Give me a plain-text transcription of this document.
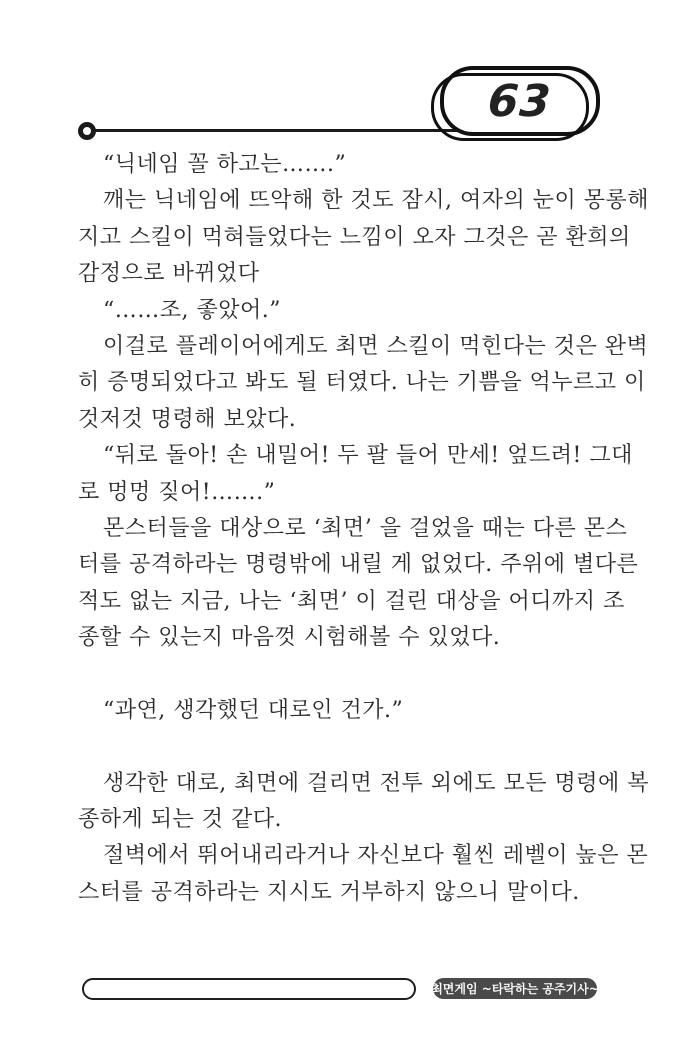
63
“닉네임 꼴 하고는…….”
깨는 닉네임에 뜨악해 한 것도 잠시, 여자의 눈이 몽롱해
지고 스킬이 먹혀들었다는 느낌이 오자 그것은 곧 환희의
감정으로 바뀌었다
“……조, 좋았어.”
이걸로 플레이어에게도 최면 스킬이 먹힌다는 것은 완벽
히 증명되었다고 봐도 될 터였다. 나는 기쁨을 억누르고 이
것저것 명령해 보았다.
“뒤로 돌아! 손 내밀어! 두 팔 들어 만세! 엎드려! 그대
로 멍멍 짖어!…….”
몬스터들을 대상으로 ‘최면’ 을 걸었을 때는 다른 몬스
터를 공격하라는 명령밖에 내릴 게 없었다. 주위에 별다른
적도 없는 지금, 나는 ‘최면’ 이 걸린 대상을 어디까지 조
종할 수 있는지 마음껏 시험해볼 수 있었다.

“과연, 생각했던 대로인 건가.”

생각한 대로, 최면에 걸리면 전투 외에도 모든 명령에 복
종하게 되는 것 같다.
절벽에서 뛰어내리라거나 자신보다 훨씬 레벨이 높은 몬
스터를 공격하라는 지시도 거부하지 않으니 말이다.
최면게임 ~타락하는 공주기사~
